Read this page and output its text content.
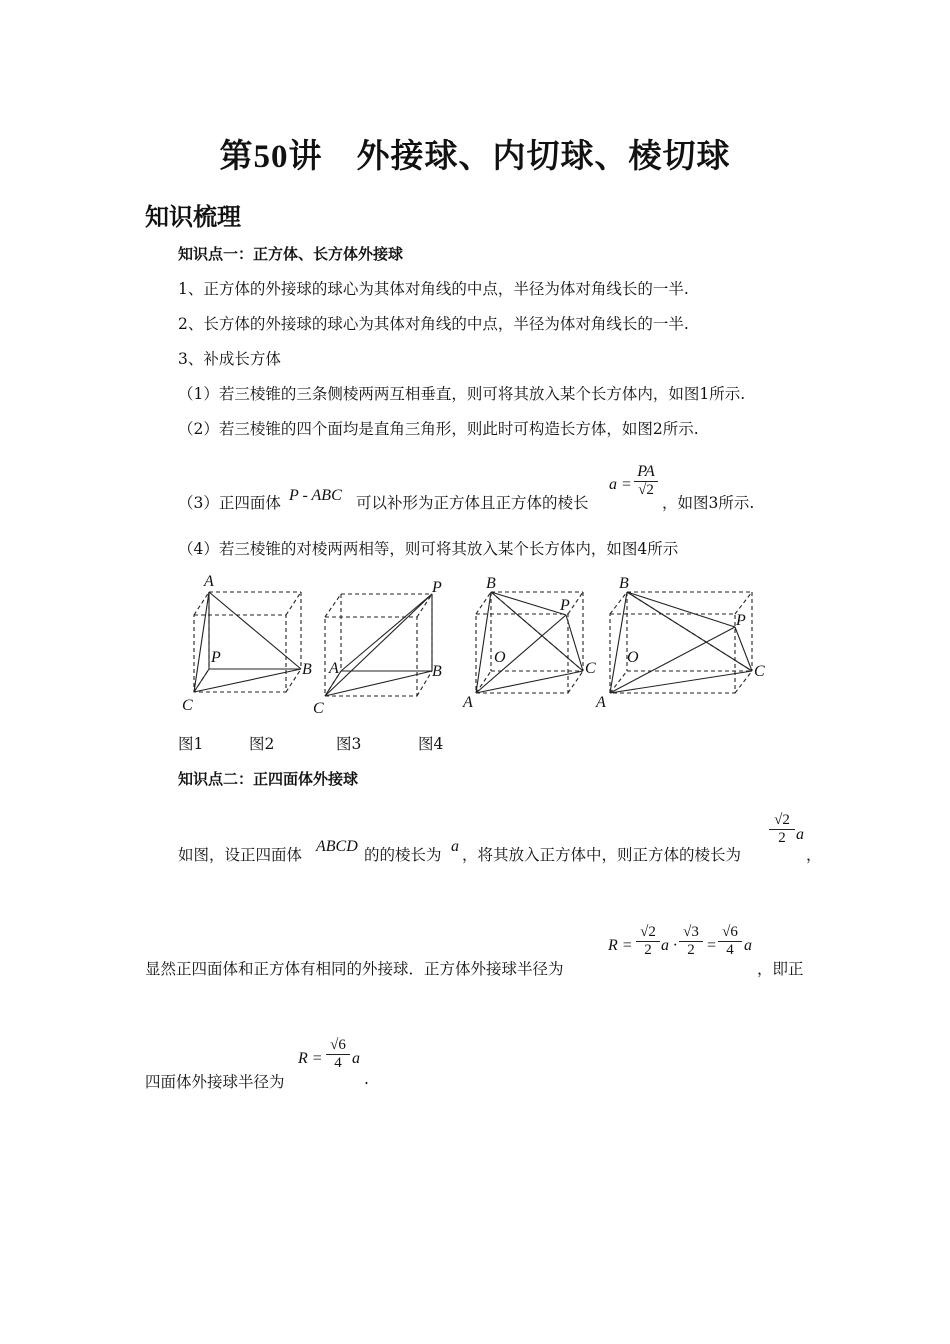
第50讲　外接球、内切球、棱切球
知识梳理
知识点一：正方体、长方体外接球
1、正方体的外接球的球心为其体对角线的中点，半径为体对角线长的一半.
2、长方体的外接球的球心为其体对角线的中点，半径为体对角线长的一半.
3、补成长方体
（1）若三棱锥的三条侧棱两两互相垂直，则可将其放入某个长方体内，如图1所示.
（2）若三棱锥的四个面均是直角三角形，则此时可构造长方体，如图2所示.
（3）正四面体 P - ABC 可以补形为正方体且正方体的棱长
a =
PA
√2
，如图3所示.
（4）若三棱锥的对棱两两相等，则可将其放入某个长方体内，如图4所示
A
P
B
C
P
A	B
C
B
P
O
C
A
B
P
O
C
A
图1	图2	图3	图4
知识点二：正四面体外接球
如图，设正四面体 ABCD 的的棱长为 a ，将其放入正方体中，则正方体的棱长为
√2
2 a
，
显然正四面体和正方体有相同的外接球．正方体外接球半径为
R =
√2
2 a ·
√3
2 =
√6
4 a
，即正
四面体外接球半径为
R =
√6
4 a
.
